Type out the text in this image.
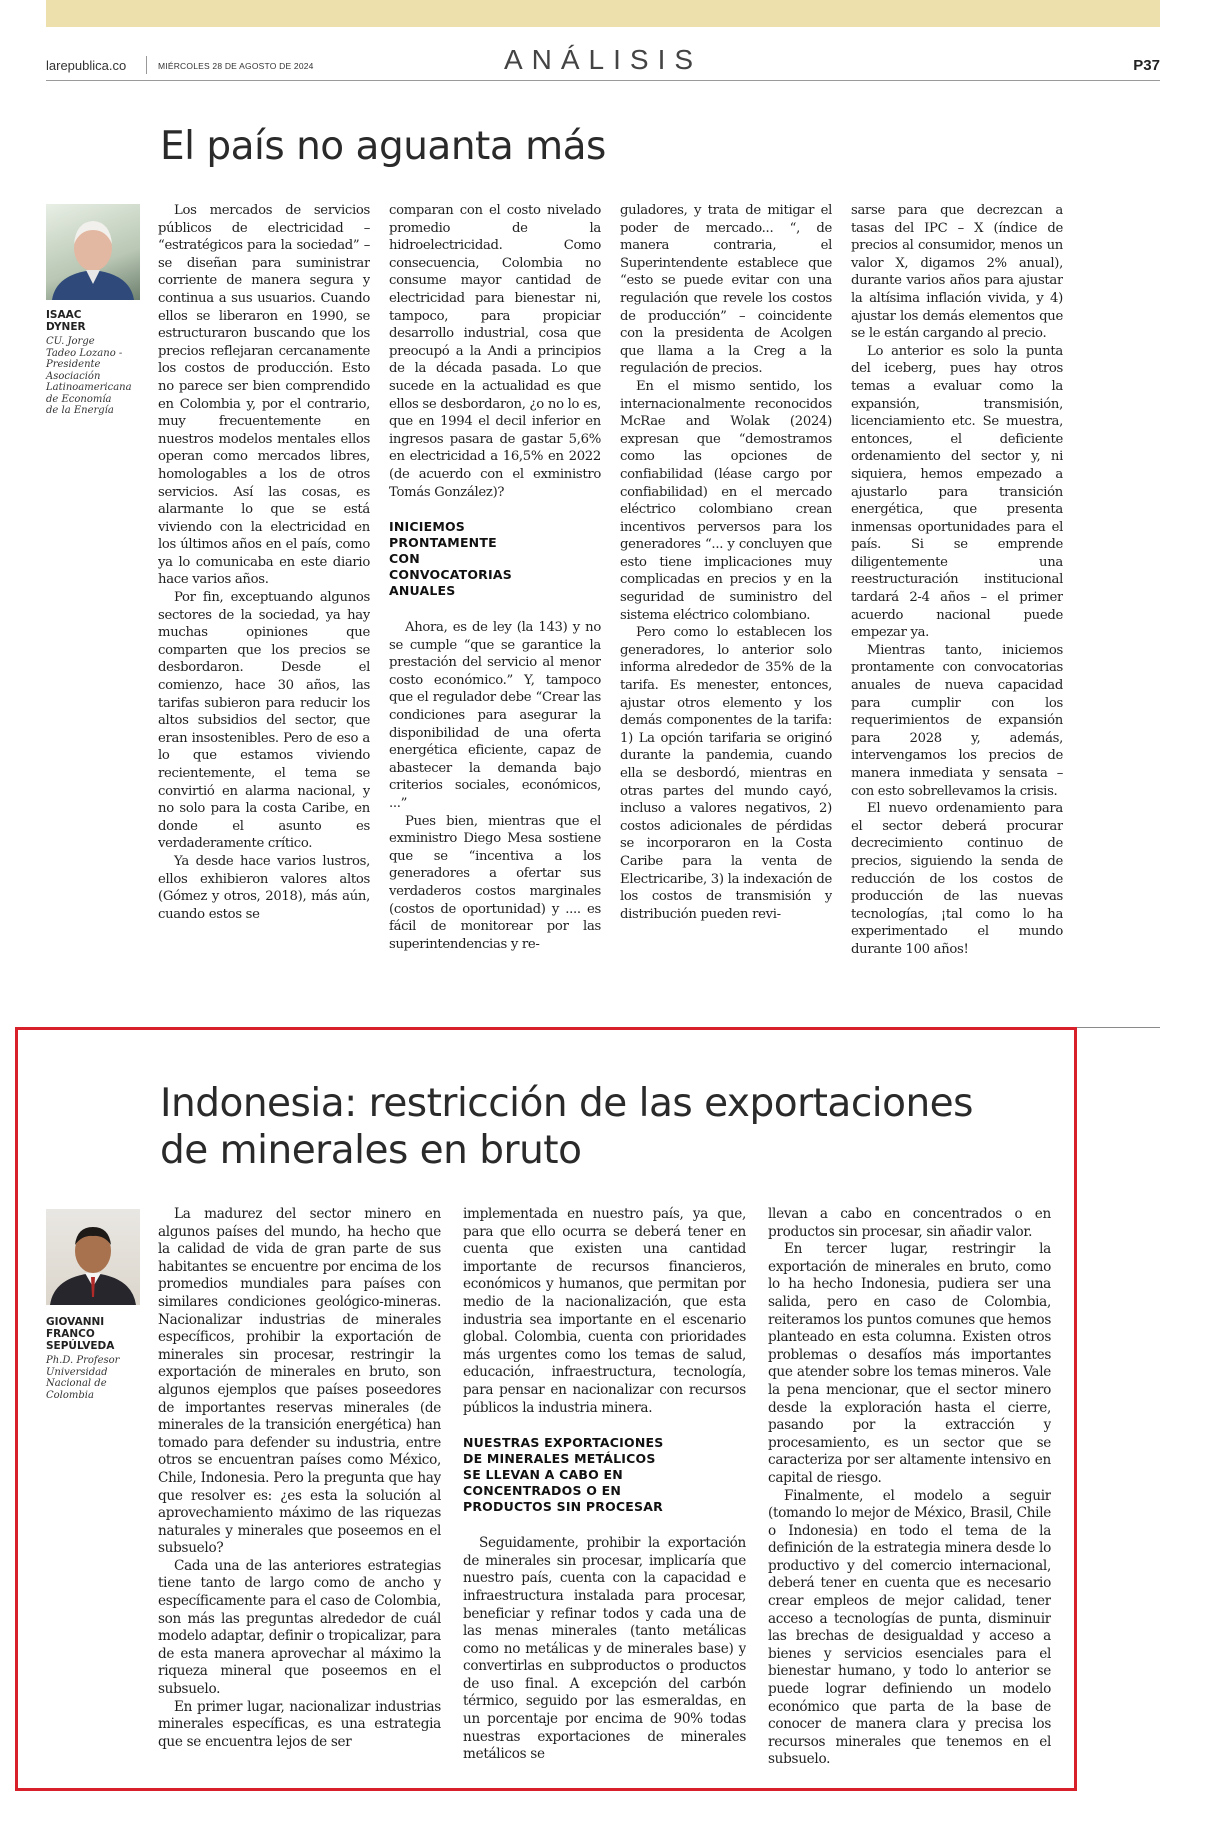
larepublica.co	MIÉRCOLES 28 DE AGOSTO DE 2024	ANÁLISIS	P37
El país no aguanta más
ISAAC
DYNER
CU. Jorge
Tadeo Lozano -
Presidente
Asociación
Latinoamericana
de Economía
de la Energía

Los mercados de servicios públicos de electricidad – “estratégicos para la sociedad” – se diseñan para suministrar corriente de manera segura y continua a sus usuarios. Cuando ellos se liberaron en 1990, se estructuraron buscando que los precios reflejaran cercanamente los costos de producción. Esto no parece ser bien comprendido en Colombia y, por el contrario, muy frecuentemente en nuestros modelos mentales ellos operan como mercados libres, homologables a los de otros servicios. Así las cosas, es alarmante lo que se está viviendo con la electricidad en los últimos años en el país, como ya lo comunicaba en este diario hace varios años.

Por fin, exceptuando algunos sectores de la sociedad, ya hay muchas opiniones que comparten que los precios se desbordaron. Desde el comienzo, hace 30 años, las tarifas subieron para reducir los altos subsidios del sector, que eran insostenibles. Pero de eso a lo que estamos viviendo recientemente, el tema se convirtió en alarma nacional, y no solo para la costa Caribe, en donde el asunto es verdaderamente crítico.

Ya desde hace varios lustros, ellos exhibieron valores altos (Gómez y otros, 2018), más aún, cuando estos se

comparan con el costo nivelado promedio de la hidroelectricidad. Como consecuencia, Colombia no consume mayor cantidad de electricidad para bienestar ni, tampoco, para propiciar desarrollo industrial, cosa que preocupó a la Andi a principios de la década pasada. Lo que sucede en la actualidad es que ellos se desbordaron, ¿o no lo es, que en 1994 el decil inferior en ingresos pasara de gastar 5,6% en electricidad a 16,5% en 2022 (de acuerdo con el exministro Tomás González)?

INICIEMOS
PRONTAMENTE
CON
CONVOCATORIAS
ANUALES

Ahora, es de ley (la 143) y no se cumple “que se garantice la prestación del servicio al menor costo económico.” Y, tampoco que el regulador debe “Crear las condiciones para asegurar la disponibilidad de una oferta energética eficiente, capaz de abastecer la demanda bajo criterios sociales, económicos, ...”

Pues bien, mientras que el exministro Diego Mesa sostiene que se “incentiva a los generadores a ofertar sus verdaderos costos marginales (costos de oportunidad) y .... es fácil de monitorear por las superintendencias y re-

guladores, y trata de mitigar el poder de mercado... “, de manera contraria, el Superintendente establece que “esto se puede evitar con una regulación que revele los costos de producción” – coincidente con la presidenta de Acolgen que llama a la Creg a la regulación de precios.

En el mismo sentido, los internacionalmente reconocidos McRae and Wolak (2024) expresan que “demostramos como las opciones de confiabilidad (léase cargo por confiabilidad) en el mercado eléctrico colombiano crean incentivos perversos para los generadores “... y concluyen que esto tiene implicaciones muy complicadas en precios y en la seguridad de suministro del sistema eléctrico colombiano.

Pero como lo establecen los generadores, lo anterior solo informa alrededor de 35% de la tarifa. Es menester, entonces, ajustar otros elemento y los demás componentes de la tarifa: 1) La opción tarifaria se originó durante la pandemia, cuando ella se desbordó, mientras en otras partes del mundo cayó, incluso a valores negativos, 2) costos adicionales de pérdidas se incorporaron en la Costa Caribe para la venta de Electricaribe, 3) la indexación de los costos de transmisión y distribución pueden revi-

sarse para que decrezcan a tasas del IPC – X (índice de precios al consumidor, menos un valor X, digamos 2% anual), durante varios años para ajustar la altísima inflación vivida, y 4) ajustar los demás elementos que se le están cargando al precio.

Lo anterior es solo la punta del iceberg, pues hay otros temas a evaluar como la expansión, transmisión, licenciamiento etc. Se muestra, entonces, el deficiente ordenamiento del sector y, ni siquiera, hemos empezado a ajustarlo para transición energética, que presenta inmensas oportunidades para el país. Si se emprende diligentemente una reestructuración institucional tardará 2-4 años – el primer acuerdo nacional puede empezar ya.

Mientras tanto, iniciemos prontamente con convocatorias anuales de nueva capacidad para cumplir con los requerimientos de expansión para 2028 y, además, intervengamos los precios de manera inmediata y sensata – con esto sobrellevamos la crisis.

El nuevo ordenamiento para el sector deberá procurar decrecimiento continuo de precios, siguiendo la senda de reducción de los costos de producción de las nuevas tecnologías, ¡tal como lo ha experimentado el mundo durante 100 años!

Indonesia: restricción de las exportaciones de minerales en bruto
GIOVANNI
FRANCO
SEPÚLVEDA
Ph.D. Profesor
Universidad
Nacional de
Colombia

La madurez del sector minero en algunos países del mundo, ha hecho que la calidad de vida de gran parte de sus habitantes se encuentre por encima de los promedios mundiales para países con similares condiciones geológico-mineras. Nacionalizar industrias de minerales específicos, prohibir la exportación de minerales sin procesar, restringir la exportación de minerales en bruto, son algunos ejemplos que países poseedores de importantes reservas minerales (de minerales de la transición energética) han tomado para defender su industria, entre otros se encuentran países como México, Chile, Indonesia. Pero la pregunta que hay que resolver es: ¿es esta la solución al aprovechamiento máximo de las riquezas naturales y minerales que poseemos en el subsuelo?

Cada una de las anteriores estrategias tiene tanto de largo como de ancho y específicamente para el caso de Colombia, son más las preguntas alrededor de cuál modelo adaptar, definir o tropicalizar, para de esta manera aprovechar al máximo la riqueza mineral que poseemos en el subsuelo.

En primer lugar, nacionalizar industrias minerales específicas, es una estrategia que se encuentra lejos de ser

implementada en nuestro país, ya que, para que ello ocurra se deberá tener en cuenta que existen una cantidad importante de recursos financieros, económicos y humanos, que permitan por medio de la nacionalización, que esta industria sea importante en el escenario global. Colombia, cuenta con prioridades más urgentes como los temas de salud, educación, infraestructura, tecnología, para pensar en nacionalizar con recursos públicos la industria minera.

NUESTRAS EXPORTACIONES
DE MINERALES METÁLICOS
SE LLEVAN A CABO EN
CONCENTRADOS O EN
PRODUCTOS SIN PROCESAR

Seguidamente, prohibir la exportación de minerales sin procesar, implicaría que nuestro país, cuenta con la capacidad e infraestructura instalada para procesar, beneficiar y refinar todos y cada una de las menas minerales (tanto metálicas como no metálicas y de minerales base) y convertirlas en subproductos o productos de uso final. A excepción del carbón térmico, seguido por las esmeraldas, en un porcentaje por encima de 90% todas nuestras exportaciones de minerales metálicos se

llevan a cabo en concentrados o en productos sin procesar, sin añadir valor.

En tercer lugar, restringir la exportación de minerales en bruto, como lo ha hecho Indonesia, pudiera ser una salida, pero en caso de Colombia, reiteramos los puntos comunes que hemos planteado en esta columna. Existen otros problemas o desafíos más importantes que atender sobre los temas mineros. Vale la pena mencionar, que el sector minero desde la exploración hasta el cierre, pasando por la extracción y procesamiento, es un sector que se caracteriza por ser altamente intensivo en capital de riesgo.

Finalmente, el modelo a seguir (tomando lo mejor de México, Brasil, Chile o Indonesia) en todo el tema de la definición de la estrategia minera desde lo productivo y del comercio internacional, deberá tener en cuenta que es necesario crear empleos de mejor calidad, tener acceso a tecnologías de punta, disminuir las brechas de desigualdad y acceso a bienes y servicios esenciales para el bienestar humano, y todo lo anterior se puede lograr definiendo un modelo económico que parta de la base de conocer de manera clara y precisa los recursos minerales que tenemos en el subsuelo.
